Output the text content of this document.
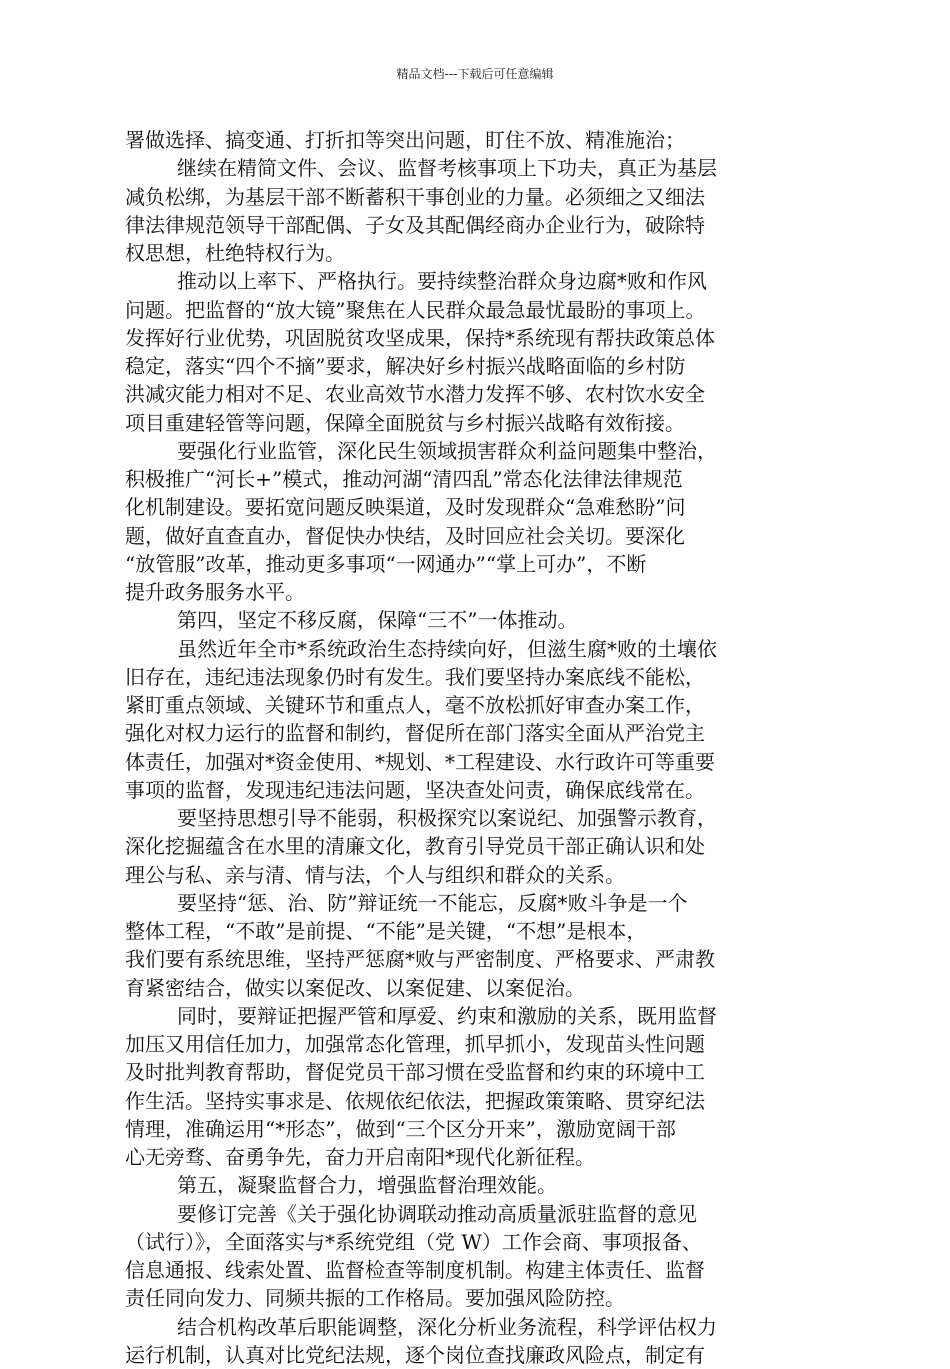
精品文档---下载后可任意编辑
署做选择、搞变通、打折扣等突出问题，盯住不放、精准施治；
继续在精简文件、会议、监督考核事项上下功夫，真正为基层
减负松绑，为基层干部不断蓄积干事创业的力量。必须细之又细法
律法律规范领导干部配偶、子女及其配偶经商办企业行为，破除特
权思想，杜绝特权行为。
推动以上率下、严格执行。要持续整治群众身边腐*败和作风
问题。把监督的“放大镜”聚焦在人民群众最急最忧最盼的事项上。
发挥好行业优势，巩固脱贫攻坚成果，保持*系统现有帮扶政策总体
稳定，落实“四个不摘”要求，解决好乡村振兴战略面临的乡村防
洪减灾能力相对不足、农业高效节水潜力发挥不够、农村饮水安全
项目重建轻管等问题，保障全面脱贫与乡村振兴战略有效衔接。
要强化行业监管，深化民生领域损害群众利益问题集中整治，
积极推广“河长+”模式，推动河湖“清四乱”常态化法律法律规范
化机制建设。要拓宽问题反映渠道，及时发现群众“急难愁盼”问
题，做好直查直办，督促快办快结，及时回应社会关切。要深化
“放管服”改革，推动更多事项“一网通办”“掌上可办”，不断
提升政务服务水平。
第四，坚定不移反腐，保障“三不”一体推动。
虽然近年全市*系统政治生态持续向好，但滋生腐*败的土壤依
旧存在，违纪违法现象仍时有发生。我们要坚持办案底线不能松，
紧盯重点领域、关键环节和重点人，毫不放松抓好审查办案工作，
强化对权力运行的监督和制约，督促所在部门落实全面从严治党主
体责任，加强对*资金使用、*规划、*工程建设、水行政许可等重要
事项的监督，发现违纪违法问题，坚决查处问责，确保底线常在。
要坚持思想引导不能弱，积极探究以案说纪、加强警示教育，
深化挖掘蕴含在水里的清廉文化，教育引导党员干部正确认识和处
理公与私、亲与清、情与法，个人与组织和群众的关系。
要坚持“惩、治、防”辩证统一不能忘，反腐*败斗争是一个
整体工程，“不敢”是前提、“不能”是关键，“不想”是根本，
我们要有系统思维，坚持严惩腐*败与严密制度、严格要求、严肃教
育紧密结合，做实以案促改、以案促建、以案促治。
同时，要辩证把握严管和厚爱、约束和激励的关系，既用监督
加压又用信任加力，加强常态化管理，抓早抓小，发现苗头性问题
及时批判教育帮助，督促党员干部习惯在受监督和约束的环境中工
作生活。坚持实事求是、依规依纪依法，把握政策策略、贯穿纪法
情理，准确运用“*形态”，做到“三个区分开来”，激励宽阔干部
心无旁骛、奋勇争先，奋力开启南阳*现代化新征程。
第五，凝聚监督合力，增强监督治理效能。
要修订完善《关于强化协调联动推动高质量派驻监督的意见
（试行）》，全面落实与*系统党组（党 W）工作会商、事项报备、
信息通报、线索处置、监督检查等制度机制。构建主体责任、监督
责任同向发力、同频共振的工作格局。要加强风险防控。
结合机构改革后职能调整，深化分析业务流程，科学评估权力
运行机制，认真对比党纪法规，逐个岗位查找廉政风险点，制定有
